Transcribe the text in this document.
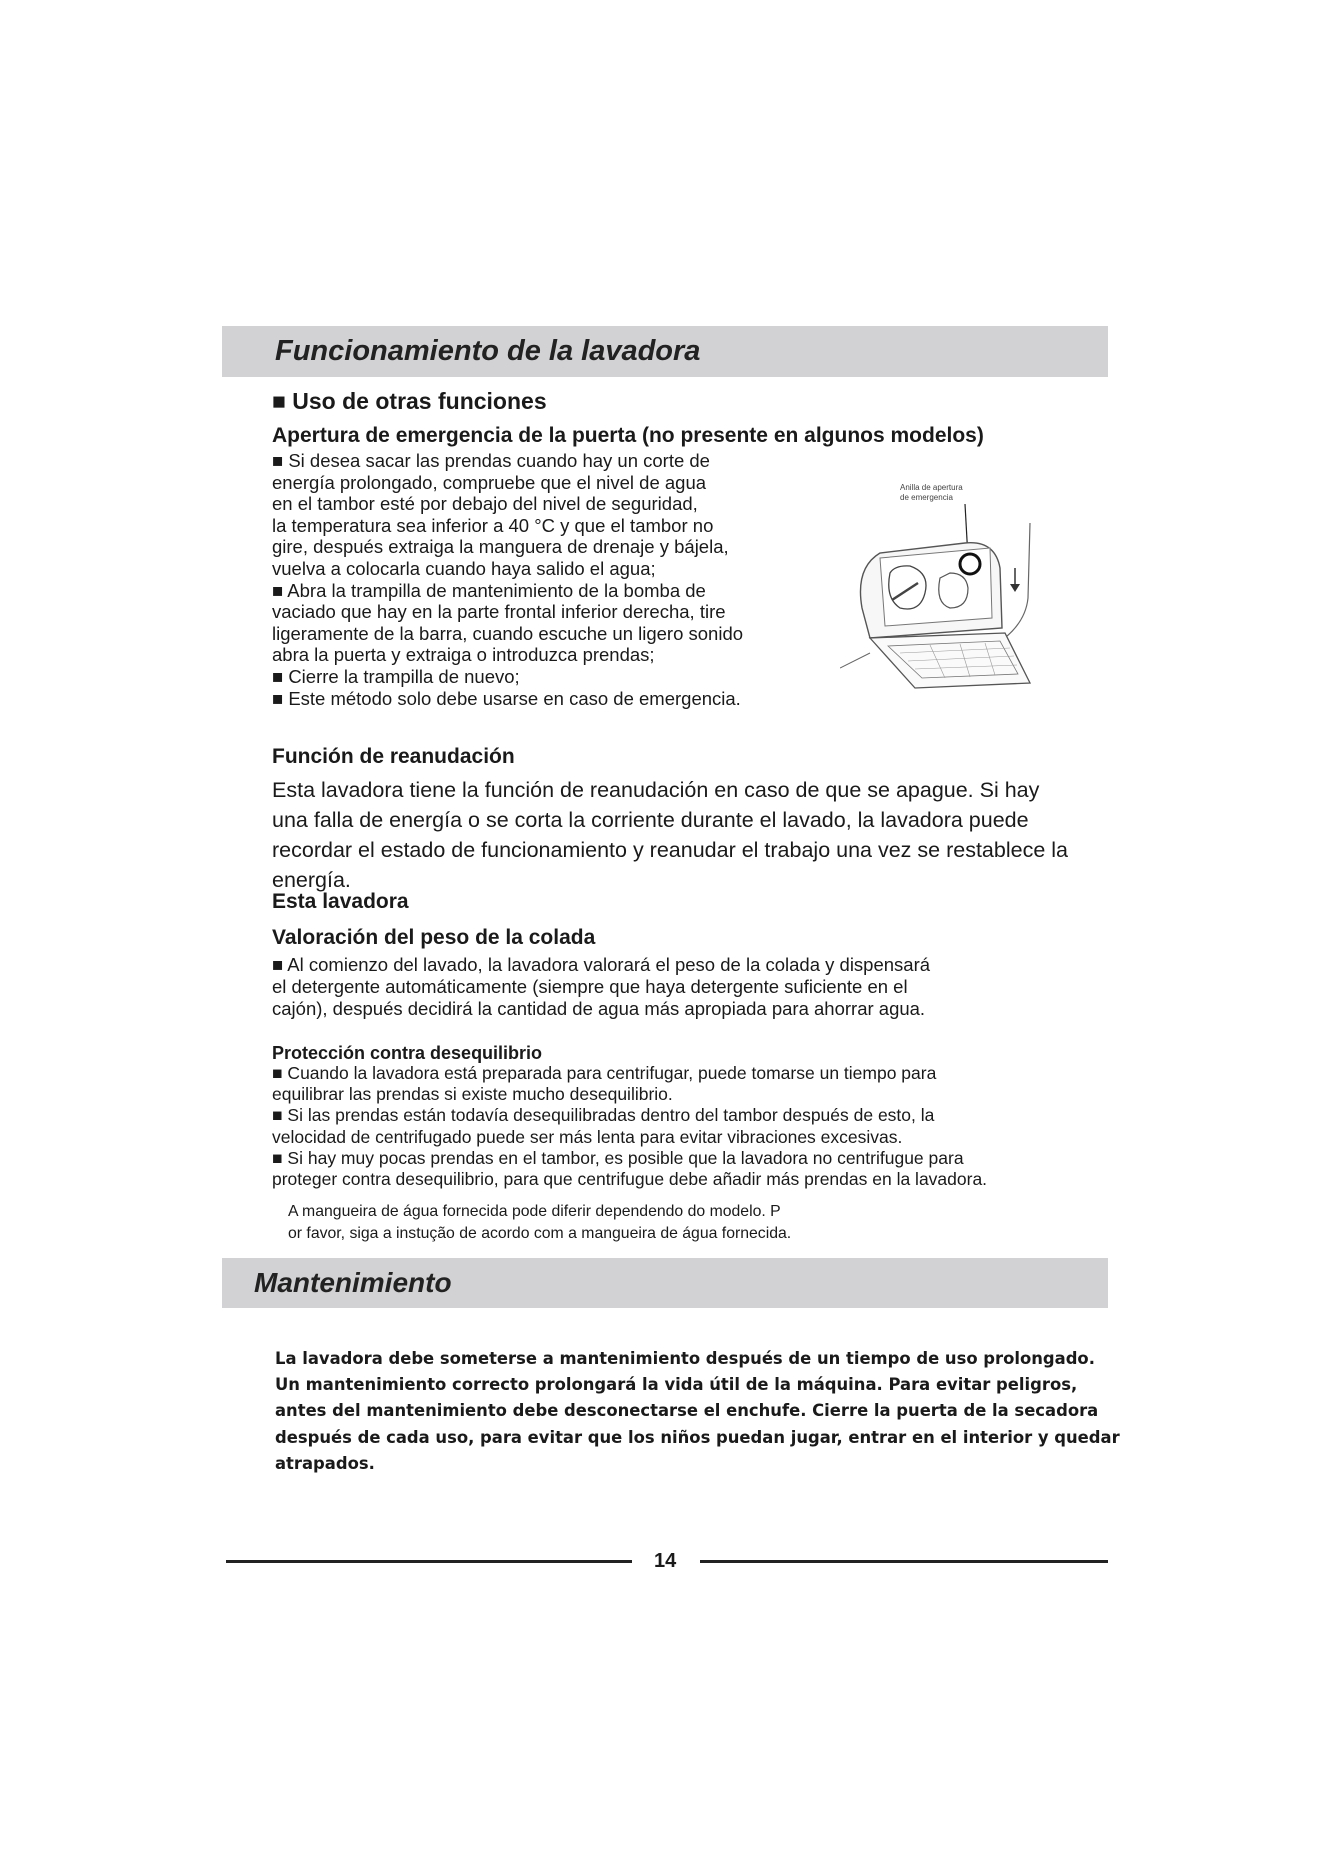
Funcionamiento de la lavadora
■ Uso de otras funciones
Apertura de emergencia de la puerta (no presente en algunos modelos)
■ Si desea sacar las prendas cuando hay un corte de
energía prolongado, compruebe que el nivel de agua
en el tambor esté por debajo del nivel de seguridad,
la temperatura sea inferior a 40 °C y que el tambor no
gire, después extraiga la manguera de drenaje y bájela,
vuelva a colocarla cuando haya salido el agua;
■ Abra la trampilla de mantenimiento de la bomba de
vaciado que hay en la parte frontal inferior derecha, tire
ligeramente de la barra, cuando escuche un ligero sonido
abra la puerta y extraiga o introduzca prendas;
■ Cierre la trampilla de nuevo;
■ Este método solo debe usarse en caso de emergencia.
Anilla de apertura
de emergencia
Función de reanudación
Esta lavadora tiene la función de reanudación en caso de que se apague. Si hay
una falla de energía o se corta la corriente durante el lavado, la lavadora puede
recordar el estado de funcionamiento y reanudar el trabajo una vez se restablece la
energía.
Esta lavadora
Valoración del peso de la colada
■ Al comienzo del lavado, la lavadora valorará el peso de la colada y dispensará
el detergente automáticamente (siempre que haya detergente suficiente en el
cajón), después decidirá la cantidad de agua más apropiada para ahorrar agua.
Protección contra desequilibrio
■ Cuando la lavadora está preparada para centrifugar, puede tomarse un tiempo para
equilibrar las prendas si existe mucho desequilibrio.
■ Si las prendas están todavía desequilibradas dentro del tambor después de esto, la
velocidad de centrifugado puede ser más lenta para evitar vibraciones excesivas.
■ Si hay muy pocas prendas en el tambor, es posible que la lavadora no centrifugue para
proteger contra desequilibrio, para que centrifugue debe añadir más prendas en la lavadora.
A mangueira de água fornecida pode diferir dependendo do modelo. P
or favor, siga a instução de acordo com a mangueira de água fornecida.
Mantenimiento
La lavadora debe someterse a mantenimiento después de un tiempo de uso prolongado.
Un mantenimiento correcto prolongará la vida útil de la máquina. Para evitar peligros,
antes del mantenimiento debe desconectarse el enchufe. Cierre la puerta de la secadora
después de cada uso, para evitar que los niños puedan jugar, entrar en el interior y quedar
atrapados.
14
